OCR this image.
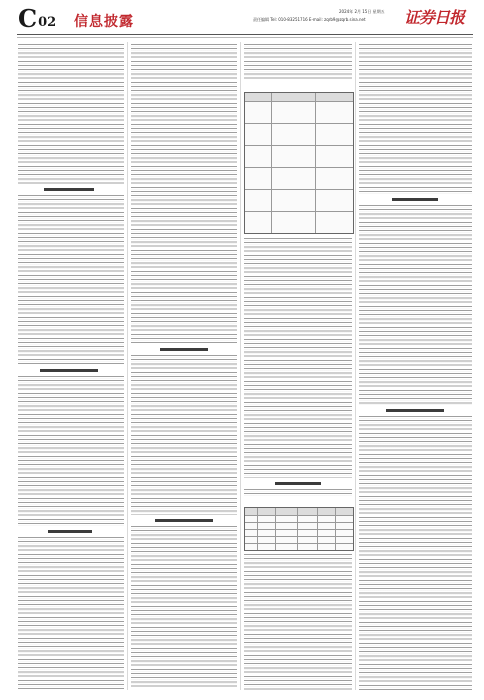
C 02 信息披露
2024年 2月 15日 星期五
责任编辑 Tel: 010-83251716 E-mail: zqrb9@zqrb.sina.net 证券日报
